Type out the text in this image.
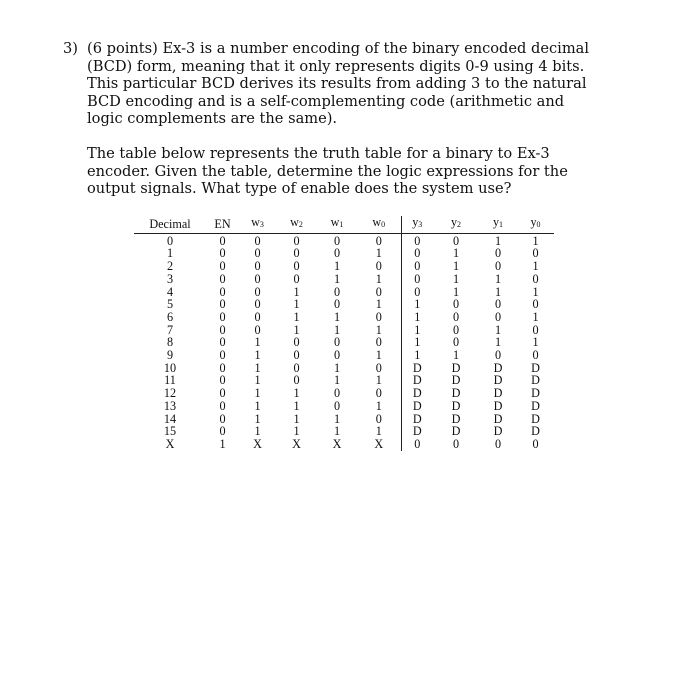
3) (6 points) Ex-3 is a number encoding of the binary encoded decimal
(BCD) form, meaning that it only represents digits 0-9 using 4 bits.
This particular BCD derives its results from adding 3 to the natural
BCD encoding and is a self-complementing code (arithmetic and
logic complements are the same).

The table below represents the truth table for a binary to Ex-3
encoder. Given the table, determine the logic expressions for the
output signals. What type of enable does the system use?

Decimal	EN	w3	w2	w1	w0	y3	y2	y1	y0
0	0	0	0	0	0	0	0	1	1
1	0	0	0	0	1	0	1	0	0
2	0	0	0	1	0	0	1	0	1
3	0	0	0	1	1	0	1	1	0
4	0	0	1	0	0	0	1	1	1
5	0	0	1	0	1	1	0	0	0
6	0	0	1	1	0	1	0	0	1
7	0	0	1	1	1	1	0	1	0
8	0	1	0	0	0	1	0	1	1
9	0	1	0	0	1	1	1	0	0
10	0	1	0	1	0	D	D	D	D
11	0	1	0	1	1	D	D	D	D
12	0	1	1	0	0	D	D	D	D
13	0	1	1	0	1	D	D	D	D
14	0	1	1	1	0	D	D	D	D
15	0	1	1	1	1	D	D	D	D
X	1	X	X	X	X	0	0	0	0
